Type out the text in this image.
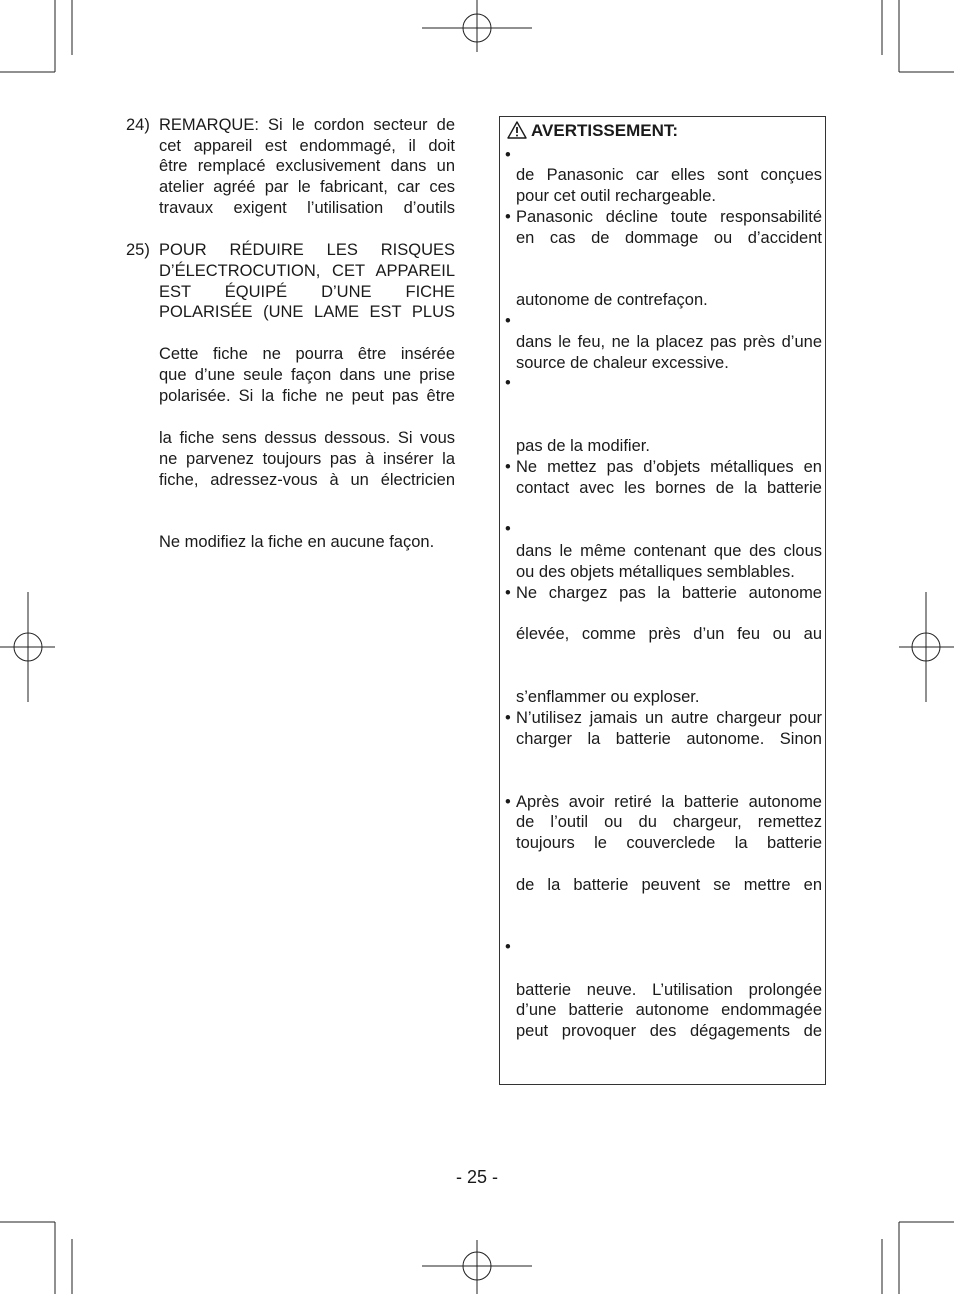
24)
25)
REMARQUE: Si le cordon secteur de
cet appareil est endommagé, il doit
être remplacé exclusivement dans un
atelier agréé par le fabricant, car ces
travaux exigent l’utilisation d’outils
POUR RÉDUIRE LES RISQUES
D’ÉLECTROCUTION, CET APPAREIL
EST ÉQUIPÉ D’UNE FICHE
POLARISÉE (UNE LAME EST PLUS
Cette fiche ne pourra être insérée
que d’une seule façon dans une prise
polarisée. Si la fiche ne peut pas être
la fiche sens dessus dessous. Si vous
ne parvenez toujours pas à insérer la
fiche, adressez-vous à un électricien
Ne modifiez la fiche en aucune façon.
AVERTISSEMENT:
•
•
•
•
•
•
•
•
•
•
de Panasonic car elles sont conçues
pour cet outil rechargeable.
Panasonic décline toute responsabilité
en cas de dommage ou d’accident
autonome de contrefaçon.
dans le feu, ne la placez pas près d’une
source de chaleur excessive.
pas de la modifier.
Ne mettez pas d’objets métalliques en
contact avec les bornes de la batterie
dans le même contenant que des clous
ou des objets métalliques semblables.
Ne chargez pas la batterie autonome
élevée, comme près d’un feu ou au
s’enflammer ou exploser.
N’utilisez jamais un autre chargeur pour
charger la batterie autonome. Sinon
Après avoir retiré la batterie autonome
de l’outil ou du chargeur, remettez
toujours le couverclede la batterie
de la batterie peuvent se mettre en
batterie neuve. L’utilisation prolongée
d’une batterie autonome endommagée
peut provoquer des dégagements de
- 25 -
